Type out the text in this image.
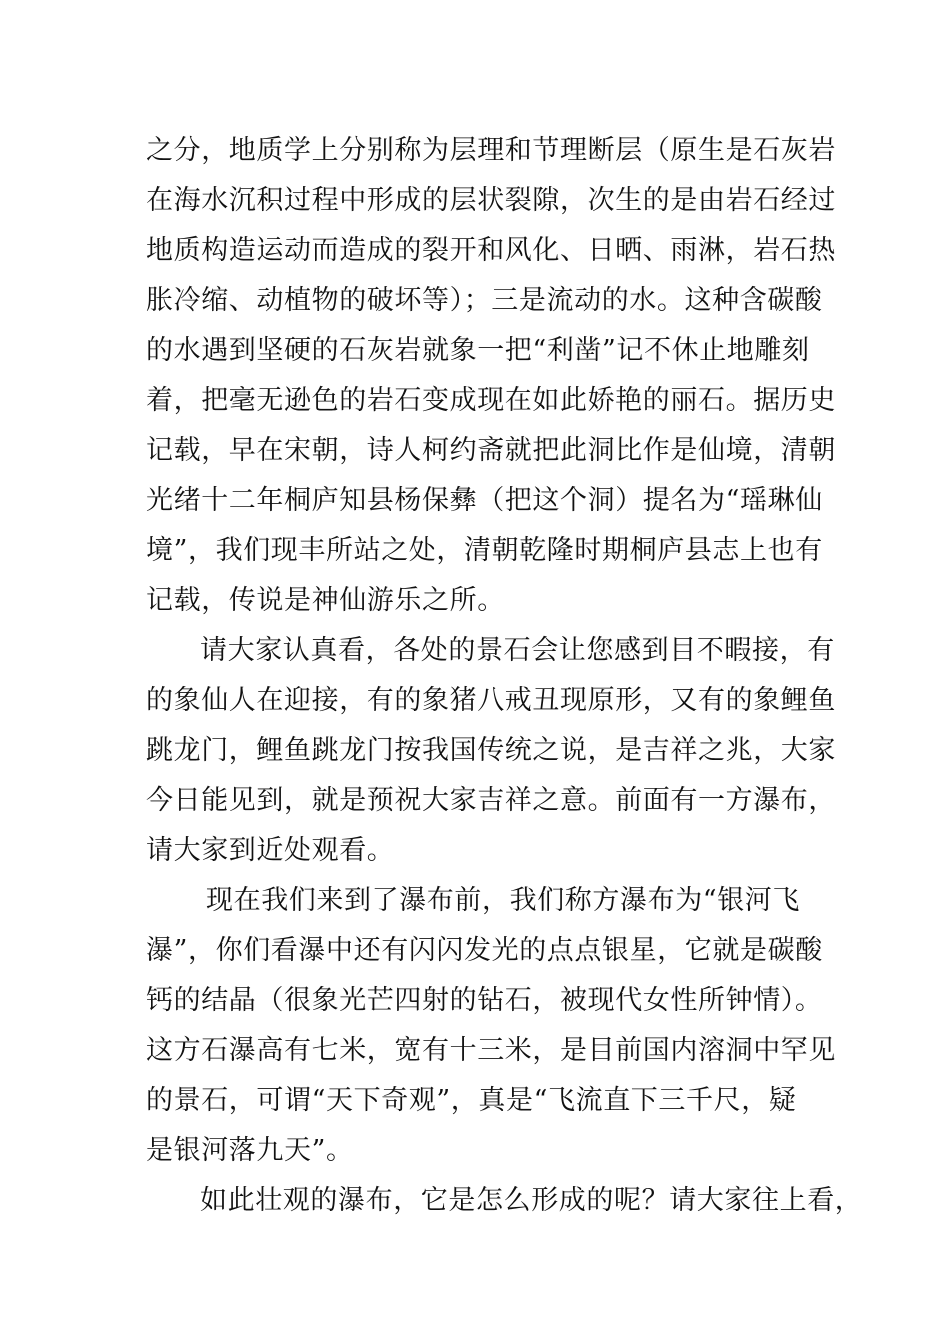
之分，地质学上分别称为层理和节理断层（原生是石灰岩
在海水沉积过程中形成的层状裂隙，次生的是由岩石经过
地质构造运动而造成的裂开和风化、日晒、雨淋，岩石热
胀冷缩、动植物的破坏等）；三是流动的水。这种含碳酸
的水遇到坚硬的石灰岩就象一把“利凿”记不休止地雕刻
着，把毫无逊色的岩石变成现在如此娇艳的丽石。据历史
记载，早在宋朝，诗人柯约斋就把此洞比作是仙境，清朝
光绪十二年桐庐知县杨保彝（把这个洞）提名为“瑶琳仙
境”，我们现丰所站之处，清朝乾隆时期桐庐县志上也有
记载，传说是神仙游乐之所。
请大家认真看，各处的景石会让您感到目不暇接，有
的象仙人在迎接，有的象猪八戒丑现原形，又有的象鲤鱼
跳龙门，鲤鱼跳龙门按我国传统之说，是吉祥之兆，大家
今日能见到，就是预祝大家吉祥之意。前面有一方瀑布，
请大家到近处观看。
现在我们来到了瀑布前，我们称方瀑布为“银河飞
瀑”，你们看瀑中还有闪闪发光的点点银星，它就是碳酸
钙的结晶（很象光芒四射的钻石，被现代女性所钟情）。
这方石瀑高有七米，宽有十三米，是目前国内溶洞中罕见
的景石，可谓“天下奇观”，真是“飞流直下三千尺，疑
是银河落九天”。
如此壮观的瀑布，它是怎么形成的呢？请大家往上看，
